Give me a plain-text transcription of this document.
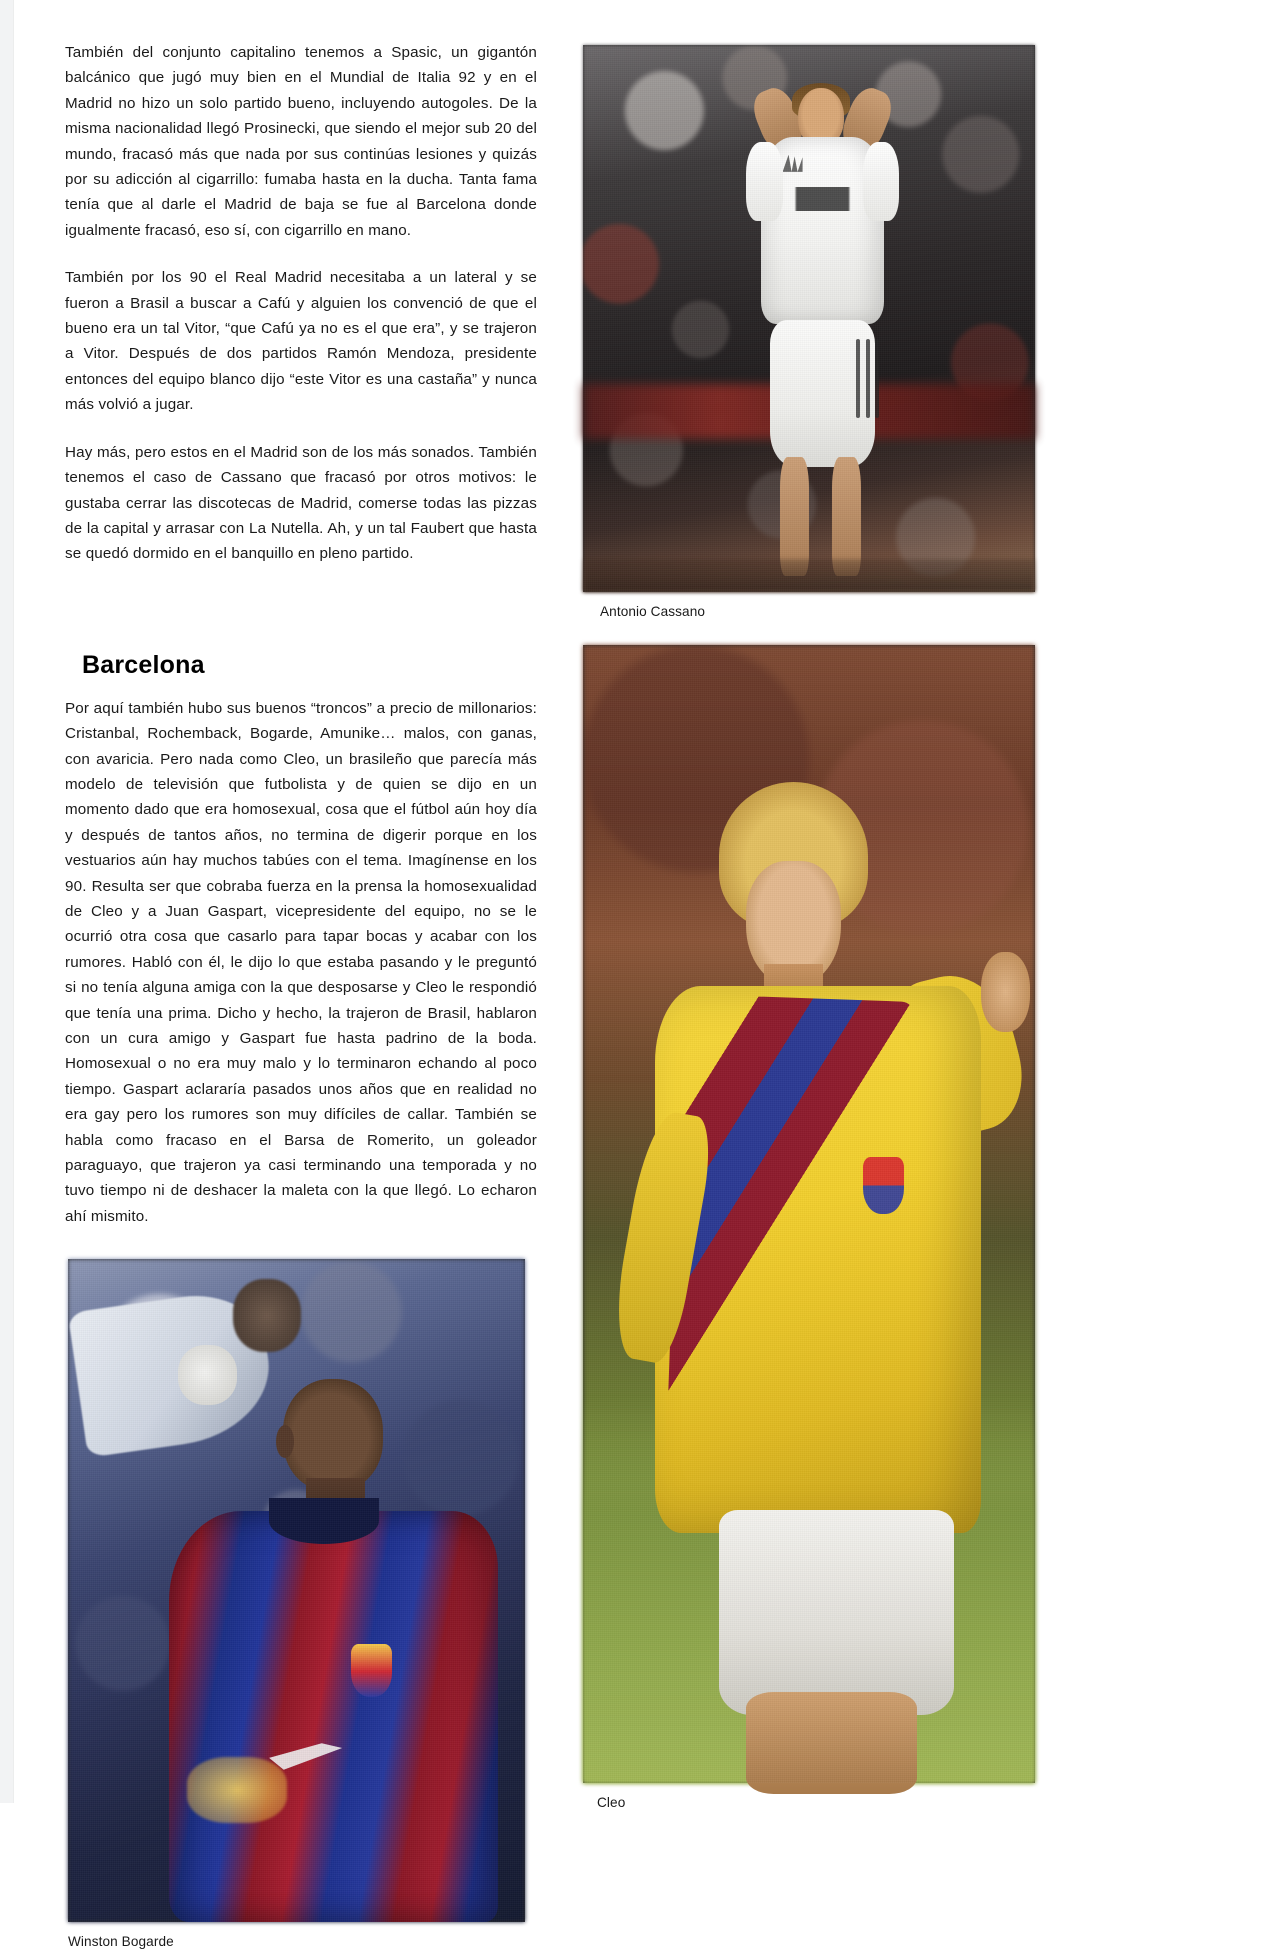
También del conjunto capitalino tenemos a Spasic, un gigantón balcánico que jugó muy bien en el Mundial de Italia 92 y en el Madrid no hizo un solo partido bueno, incluyendo autogoles. De la misma nacionalidad llegó Prosinecki, que siendo el mejor sub 20 del mundo, fracasó más que nada por sus continúas lesiones y quizás por su adicción al cigarrillo: fumaba hasta en la ducha. Tanta fama tenía que al darle el Madrid de baja se fue al Barcelona donde igualmente fracasó, eso sí, con cigarrillo en mano.

También por los 90 el Real Madrid necesitaba a un lateral y se fueron a Brasil a buscar a Cafú y alguien los convenció de que el bueno era un tal Vitor, “que Cafú ya no es el que era”, y se trajeron a Vitor. Después de dos partidos Ramón Mendoza, presidente entonces del equipo blanco dijo “este Vitor es una castaña” y nunca más volvió a jugar.

Hay más, pero estos en el Madrid son de los más sonados. También tenemos el caso de Cassano que fracasó por otros motivos: le gustaba cerrar las discotecas de Madrid, comerse todas las pizzas de la capital y arrasar con La Nutella. Ah, y un tal Faubert que hasta se quedó dormido en el banquillo en pleno partido.

Barcelona

Por aquí también hubo sus buenos “troncos” a precio de millonarios: Cristanbal, Rochemback, Bogarde, Amunike… malos, con ganas, con avaricia. Pero nada como Cleo, un brasileño que parecía más modelo de televisión que futbolista y de quien se dijo en un momento dado que era homosexual, cosa que el fútbol aún hoy día y después de tantos años, no termina de digerir porque en los vestuarios aún hay muchos tabúes con el tema. Imagínense en los 90. Resulta ser que cobraba fuerza en la prensa la homosexualidad de Cleo y a Juan Gaspart, vicepresidente del equipo, no se le ocurrió otra cosa que casarlo para tapar bocas y acabar con los rumores. Habló con él, le dijo lo que estaba pasando y le preguntó si no tenía alguna amiga con la que desposarse y Cleo le respondió que tenía una prima. Dicho y hecho, la trajeron de Brasil, hablaron con un cura amigo y Gaspart fue hasta padrino de la boda. Homosexual o no era muy malo y lo terminaron echando al poco tiempo. Gaspart aclararía pasados unos años que en realidad no era gay pero los rumores son muy difíciles de callar. También se habla como fracaso en el Barsa de Romerito, un goleador paraguayo, que trajeron ya casi terminando una temporada y no tuvo tiempo ni de deshacer la maleta con la que llegó. Lo echaron ahí mismito.

Winston Bogarde
Antonio Cassano
Cleo
